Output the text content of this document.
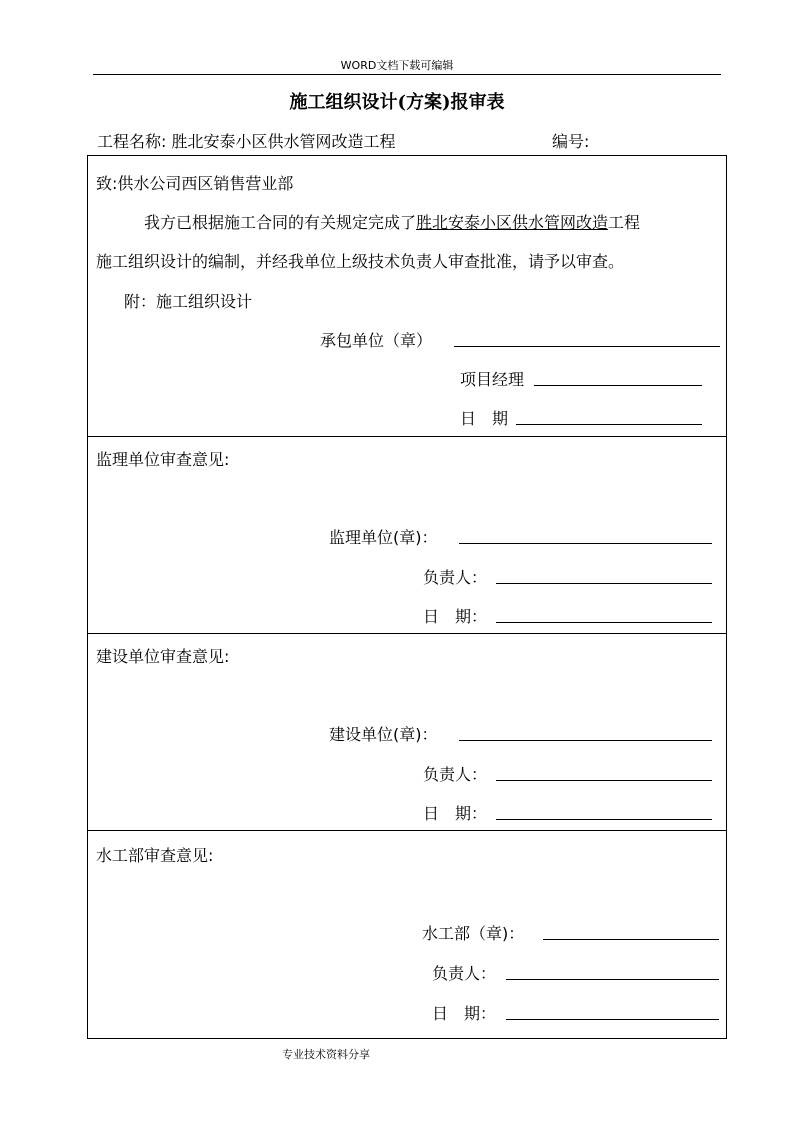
WORD文档下载可编辑
施工组织设计(方案)报审表
工程名称: 胜北安泰小区供水管网改造工程	编号:
致:供水公司西区销售营业部
我方已根据施工合同的有关规定完成了胜北安泰小区供水管网改造工程
施工组织设计的编制，并经我单位上级技术负责人审查批准，请予以审查。
附：施工组织设计
承包单位（章）
项目经理
日　期
监理单位审查意见:
监理单位(章)：
负责人：
日　期：
建设单位审查意见:
建设单位(章)：
负责人：
日　期：
水工部审查意见:
水工部（章)：
负责人：
日　期：
专业技术资料分享
